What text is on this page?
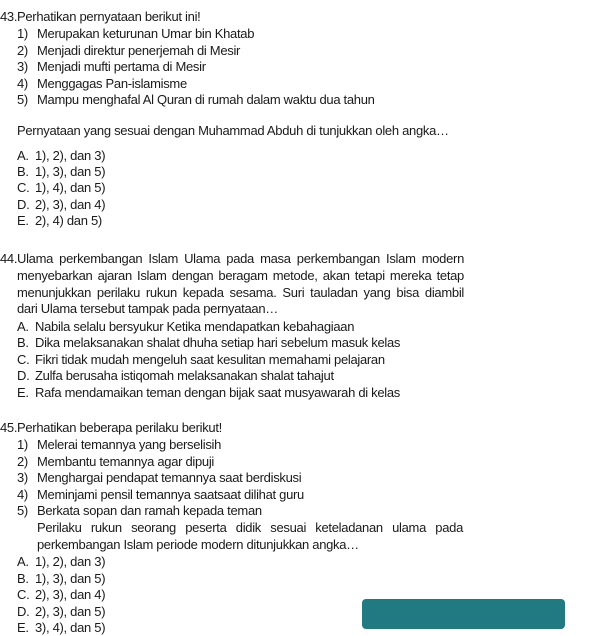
43. Perhatikan pernyataan berikut ini!
1) Merupakan keturunan Umar bin Khatab
2) Menjadi direktur penerjemah di Mesir
3) Menjadi mufti pertama di Mesir
4) Menggagas Pan-islamisme
5) Mampu menghafal Al Quran di rumah dalam waktu dua tahun
Pernyataan yang sesuai dengan Muhammad Abduh di tunjukkan oleh angka…
A. 1), 2), dan 3)
B. 1), 3), dan 5)
C. 1), 4), dan 5)
D. 2), 3), dan 4)
E. 2), 4) dan 5)
44. Ulama perkembangan Islam Ulama pada masa perkembangan Islam modern menyebarkan ajaran Islam dengan beragam metode, akan tetapi mereka tetap menunjukkan perilaku rukun kepada sesama. Suri tauladan yang bisa diambil dari Ulama tersebut tampak pada pernyataan…
A. Nabila selalu bersyukur Ketika mendapatkan kebahagiaan
B. Dika melaksanakan shalat dhuha setiap hari sebelum masuk kelas
C. Fikri tidak mudah mengeluh saat kesulitan memahami pelajaran
D. Zulfa berusaha istiqomah melaksanakan shalat tahajut
E. Rafa mendamaikan teman dengan bijak saat musyawarah di kelas
45. Perhatikan beberapa perilaku berikut!
1) Melerai temannya yang berselisih
2) Membantu temannya agar dipuji
3) Menghargai pendapat temannya saat berdiskusi
4) Meminjami pensil temannya saatsaat dilihat guru
5) Berkata sopan dan ramah kepada teman
Perilaku rukun seorang peserta didik sesuai keteladanan ulama pada perkembangan Islam periode modern ditunjukkan angka…
A. 1), 2), dan 3)
B. 1), 3), dan 5)
C. 2), 3), dan 4)
D. 2), 3), dan 5)
E. 3), 4), dan 5)
